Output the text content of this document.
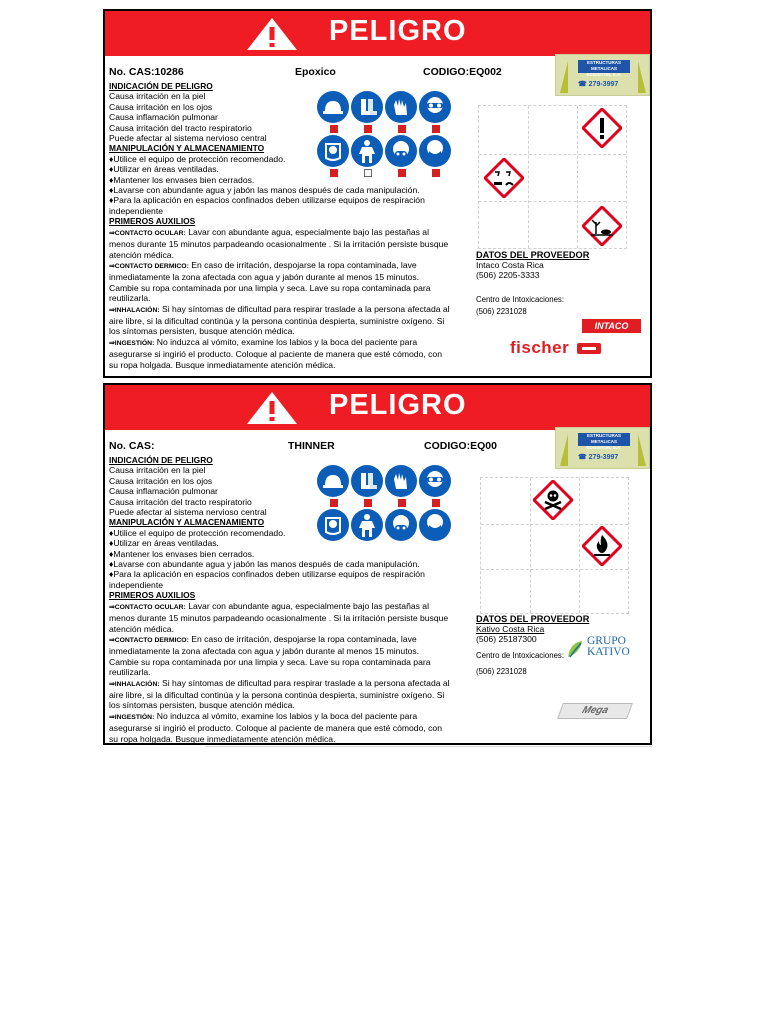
PELIGRO
No. CAS:10286	Epoxico	CODIGO:EQ002
ESTRUCTURAS METALICAS EDGINTON, S.A.
☎ 279-3997
INDICACIÓN DE PELIGRO
Causa irritación en la piel
Causa irritación en los ojos
Causa inflamación pulmonar
Causa irritación del tracto respiratorio
Puede afectar al sistema nervioso central
MANIPULACIÓN Y ALMACENAMIENTO
♦Utilice el equipo de protección recomendado.
♦Utilizar en áreas ventiladas.
♦Mantener los envases bien cerrados.
♦Lavarse con abundante agua y jabón las manos después de cada manipulación.
♦Para la aplicación en espacios confinados deben utilizarse equipos de respiración independiente
PRIMEROS AUXILIOS
⇒CONTACTO OCULAR: Lavar con abundante agua, especialmente bajo las pestañas al menos durante 15 minutos parpadeando ocasionalmente . Si la irritación persiste busque atención médica.
⇒CONTACTO DERMICO: En caso de irritación, despojarse la ropa contaminada, lave inmediatamente la zona afectada con agua y jabón durante al menos 15 minutos. Cambie su ropa contaminada por una limpia y seca. Lave su ropa contaminada para reutilizarla.
⇒INHALACIÓN: Si hay síntomas de dificultad para respirar traslade a la persona afectada al aire libre, si la dificultad continúa y la persona continúa despierta, suministre oxígeno. Si los síntomas persisten, busque atención médica.
⇒INGESTIÓN: No induzca al vómito, examine los labios y la boca del paciente para asegurarse si ingirió el producto. Coloque al paciente de manera que esté cómodo, con su ropa holgada. Busque inmediatamente atención médica.
DATOS DEL PROVEEDOR
Intaco Costa Rica
(506) 2205-3333
Centro de Intoxicaciones:
(506) 2231028
INTACO
fischer
PELIGRO
No. CAS:	THINNER	CODIGO:EQ00
ESTRUCTURAS METALICAS EDGINTON, S.A.
☎ 279-3997
INDICACIÓN DE PELIGRO
Causa irritación en la piel
Causa irritación en los ojos
Causa inflamación pulmonar
Causa irritación del tracto respiratorio
Puede afectar al sistema nervioso central
MANIPULACIÓN Y ALMACENAMIENTO
♦Utilice el equipo de protección recomendado.
♦Utilizar en áreas ventiladas.
♦Mantener los envases bien cerrados.
♦Lavarse con abundante agua y jabón las manos después de cada manipulación.
♦Para la aplicación en espacios confinados deben utilizarse equipos de respiración independiente
PRIMEROS AUXILIOS
⇒CONTACTO OCULAR: Lavar con abundante agua, especialmente bajo las pestañas al menos durante 15 minutos parpadeando ocasionalmente . Si la irritación persiste busque atención médica.
⇒CONTACTO DERMICO: En caso de irritación, despojarse la ropa contaminada, lave inmediatamente la zona afectada con agua y jabón durante al menos 15 minutos. Cambie su ropa contaminada por una limpia y seca. Lave su ropa contaminada para reutilizarla.
⇒INHALACIÓN: Si hay síntomas de dificultad para respirar traslade a la persona afectada al aire libre, si la dificultad continúa y la persona continúa despierta, suministre oxígeno. Si los síntomas persisten, busque atención médica.
⇒INGESTIÓN: No induzca al vómito, examine los labios y la boca del paciente para asegurarse si ingirió el producto. Coloque al paciente de manera que esté cómodo, con su ropa holgada. Busque inmediatamente atención médica.
DATOS DEL PROVEEDOR
Kativo Costa Rica
(506) 25187300
Centro de Intoxicaciones:
(506) 2231028
GRUPO
KATIVO
Mega
